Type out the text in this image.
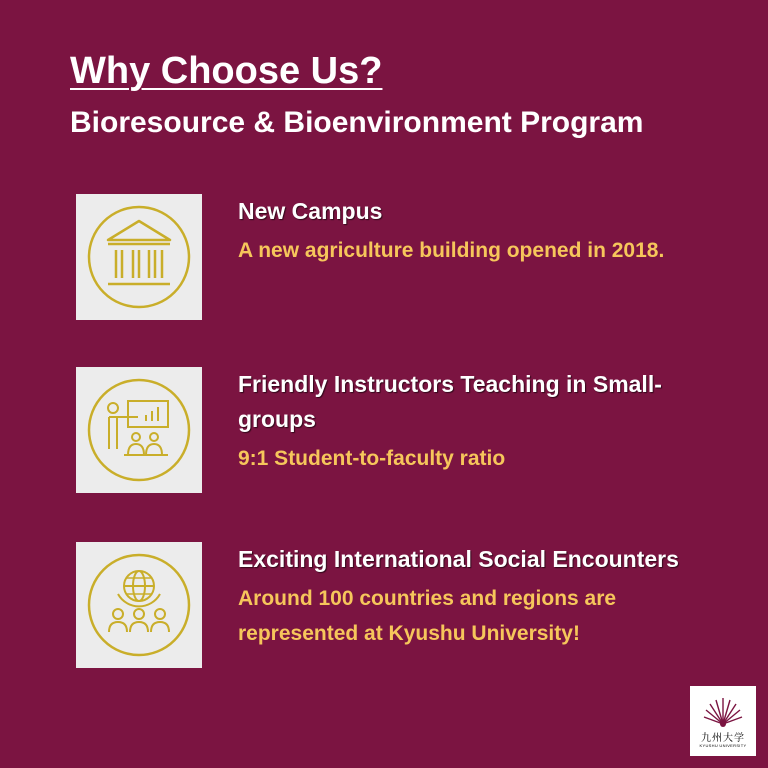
Why Choose Us?
Bioresource & Bioenvironment Program

New Campus

A new agriculture building opened in 2018.

Friendly Instructors Teaching in Small-groups

9:1 Student-to-faculty ratio

Exciting International Social Encounters

Around 100 countries and regions are represented at Kyushu University!

九州大学
KYUSHU UNIVERSITY
